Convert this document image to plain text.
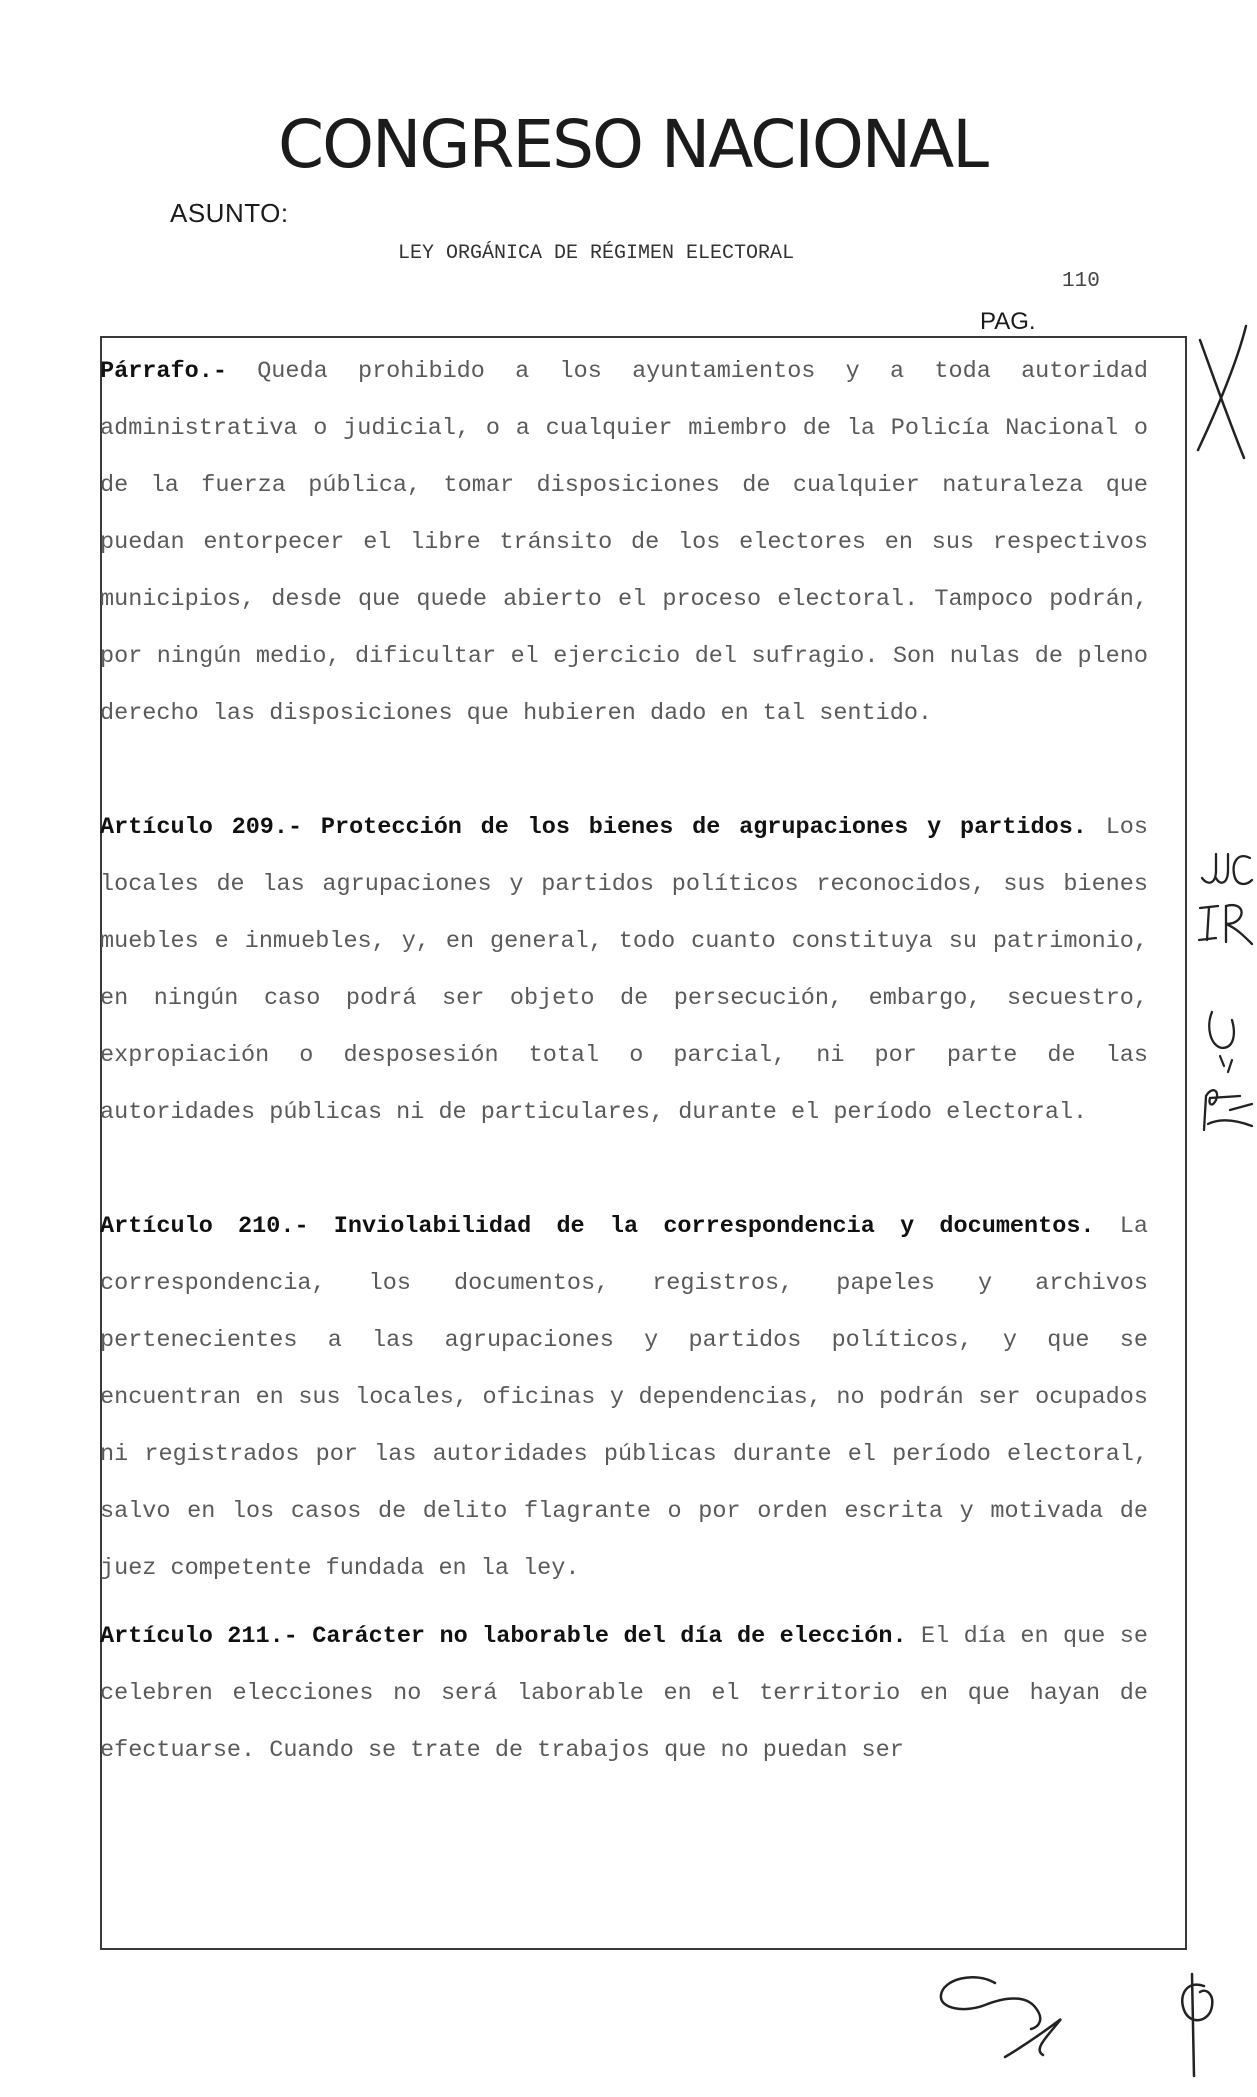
CONGRESO NACIONAL
ASUNTO:
LEY ORGÁNICA DE RÉGIMEN ELECTORAL
110
PAG.

Párrafo.- Queda prohibido a los ayuntamientos y a toda autoridad administrativa o judicial, o a cualquier miembro de la Policía Nacional o de la fuerza pública, tomar disposiciones de cualquier naturaleza que puedan entorpecer el libre tránsito de los electores en sus respectivos municipios, desde que quede abierto el proceso electoral. Tampoco podrán, por ningún medio, dificultar el ejercicio del sufragio. Son nulas de pleno derecho las disposiciones que hubieren dado en tal sentido.

Artículo 209.- Protección de los bienes de agrupaciones y partidos. Los locales de las agrupaciones y partidos políticos reconocidos, sus bienes muebles e inmuebles, y, en general, todo cuanto constituya su patrimonio, en ningún caso podrá ser objeto de persecución, embargo, secuestro, expropiación o desposesión total o parcial, ni por parte de las autoridades públicas ni de particulares, durante el período electoral.

Artículo 210.- Inviolabilidad de la correspondencia y documentos. La correspondencia, los documentos, registros, papeles y archivos pertenecientes a las agrupaciones y partidos políticos, y que se encuentran en sus locales, oficinas y dependencias, no podrán ser ocupados ni registrados por las autoridades públicas durante el período electoral, salvo en los casos de delito flagrante o por orden escrita y motivada de juez competente fundada en la ley.

Artículo 211.- Carácter no laborable del día de elección. El día en que se celebren elecciones no será laborable en el territorio en que hayan de efectuarse. Cuando se trate de trabajos que no puedan ser
